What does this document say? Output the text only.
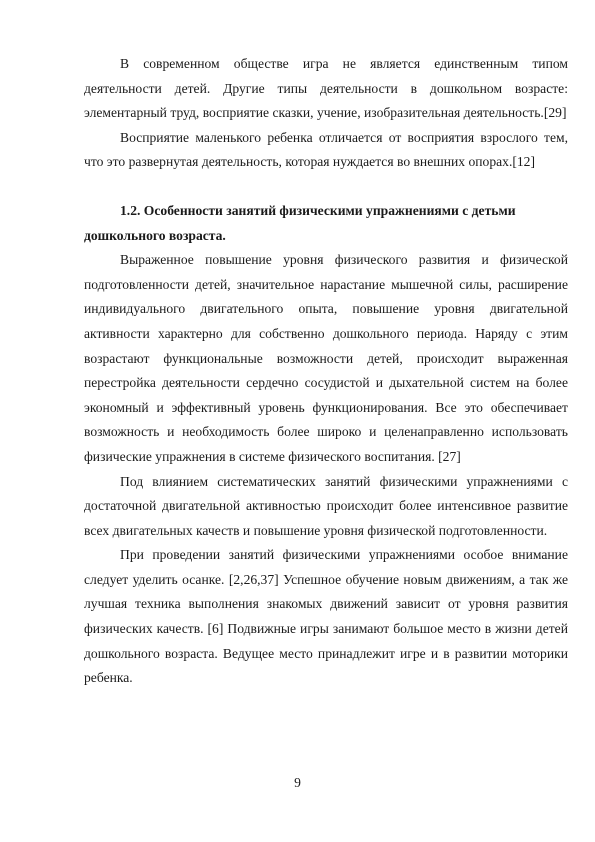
В современном обществе игра не является единственным типом деятельности детей. Другие типы деятельности в дошкольном возрасте: элементарный труд, восприятие сказки, учение, изобразительная деятельность.[29]

Восприятие маленького ребенка отличается от восприятия взрослого тем, что это развернутая деятельность, которая нуждается во внешних опорах.[12]

1.2. Особенности занятий физическими упражнениями с детьми дошкольного возраста.

Выраженное повышение уровня физического развития и физической подготовленности детей, значительное нарастание мышечной силы, расширение индивидуального двигательного опыта, повышение уровня двигательной активности характерно для собственно дошкольного периода. Наряду с этим возрастают функциональные возможности детей, происходит выраженная перестройка деятельности сердечно сосудистой и дыхательной систем на более экономный и эффективный уровень функционирования. Все это обеспечивает возможность и необходимость более широко и целенаправленно использовать физические упражнения в системе физического воспитания. [27]

Под влиянием систематических занятий физическими упражнениями с достаточной двигательной активностью происходит более интенсивное развитие всех двигательных качеств и повышение уровня физической подготовленности.

При проведении занятий физическими упражнениями особое внимание следует уделить осанке. [2,26,37] Успешное обучение новым движениям, а так же лучшая техника выполнения знакомых движений зависит от уровня развития физических качеств. [6] Подвижные игры занимают большое место в жизни детей дошкольного возраста. Ведущее место принадлежит игре и в развитии моторики ребенка.

9
